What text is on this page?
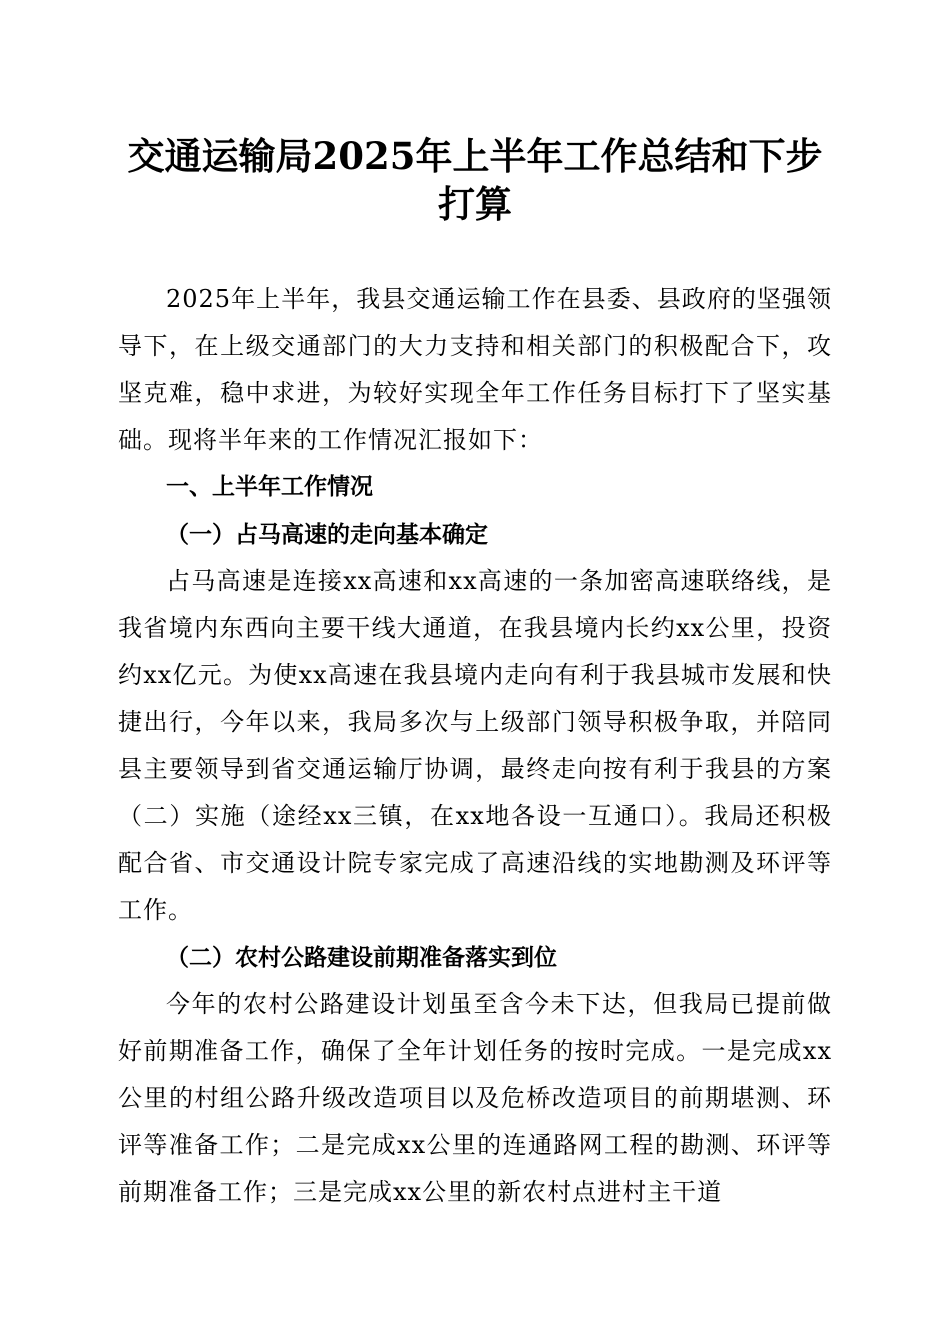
交通运输局2025年上半年工作总结和下步打算

2025年上半年，我县交通运输工作在县委、县政府的坚强领导下，在上级交通部门的大力支持和相关部门的积极配合下，攻坚克难，稳中求进，为较好实现全年工作任务目标打下了坚实基础。现将半年来的工作情况汇报如下：

一、上半年工作情况
（一）占马高速的走向基本确定

占马高速是连接xx高速和xx高速的一条加密高速联络线，是我省境内东西向主要干线大通道，在我县境内长约xx公里，投资约xx亿元。为使xx高速在我县境内走向有利于我县城市发展和快捷出行，今年以来，我局多次与上级部门领导积极争取，并陪同县主要领导到省交通运输厅协调，最终走向按有利于我县的方案（二）实施（途经xx三镇，在xx地各设一互通口）。我局还积极配合省、市交通设计院专家完成了高速沿线的实地勘测及环评等工作。

（二）农村公路建设前期准备落实到位

今年的农村公路建设计划虽至含今未下达，但我局已提前做好前期准备工作，确保了全年计划任务的按时完成。一是完成xx公里的村组公路升级改造项目以及危桥改造项目的前期堪测、环评等准备工作；二是完成xx公里的连通路网工程的勘测、环评等前期准备工作；三是完成xx公里的新农村点进村主干道
